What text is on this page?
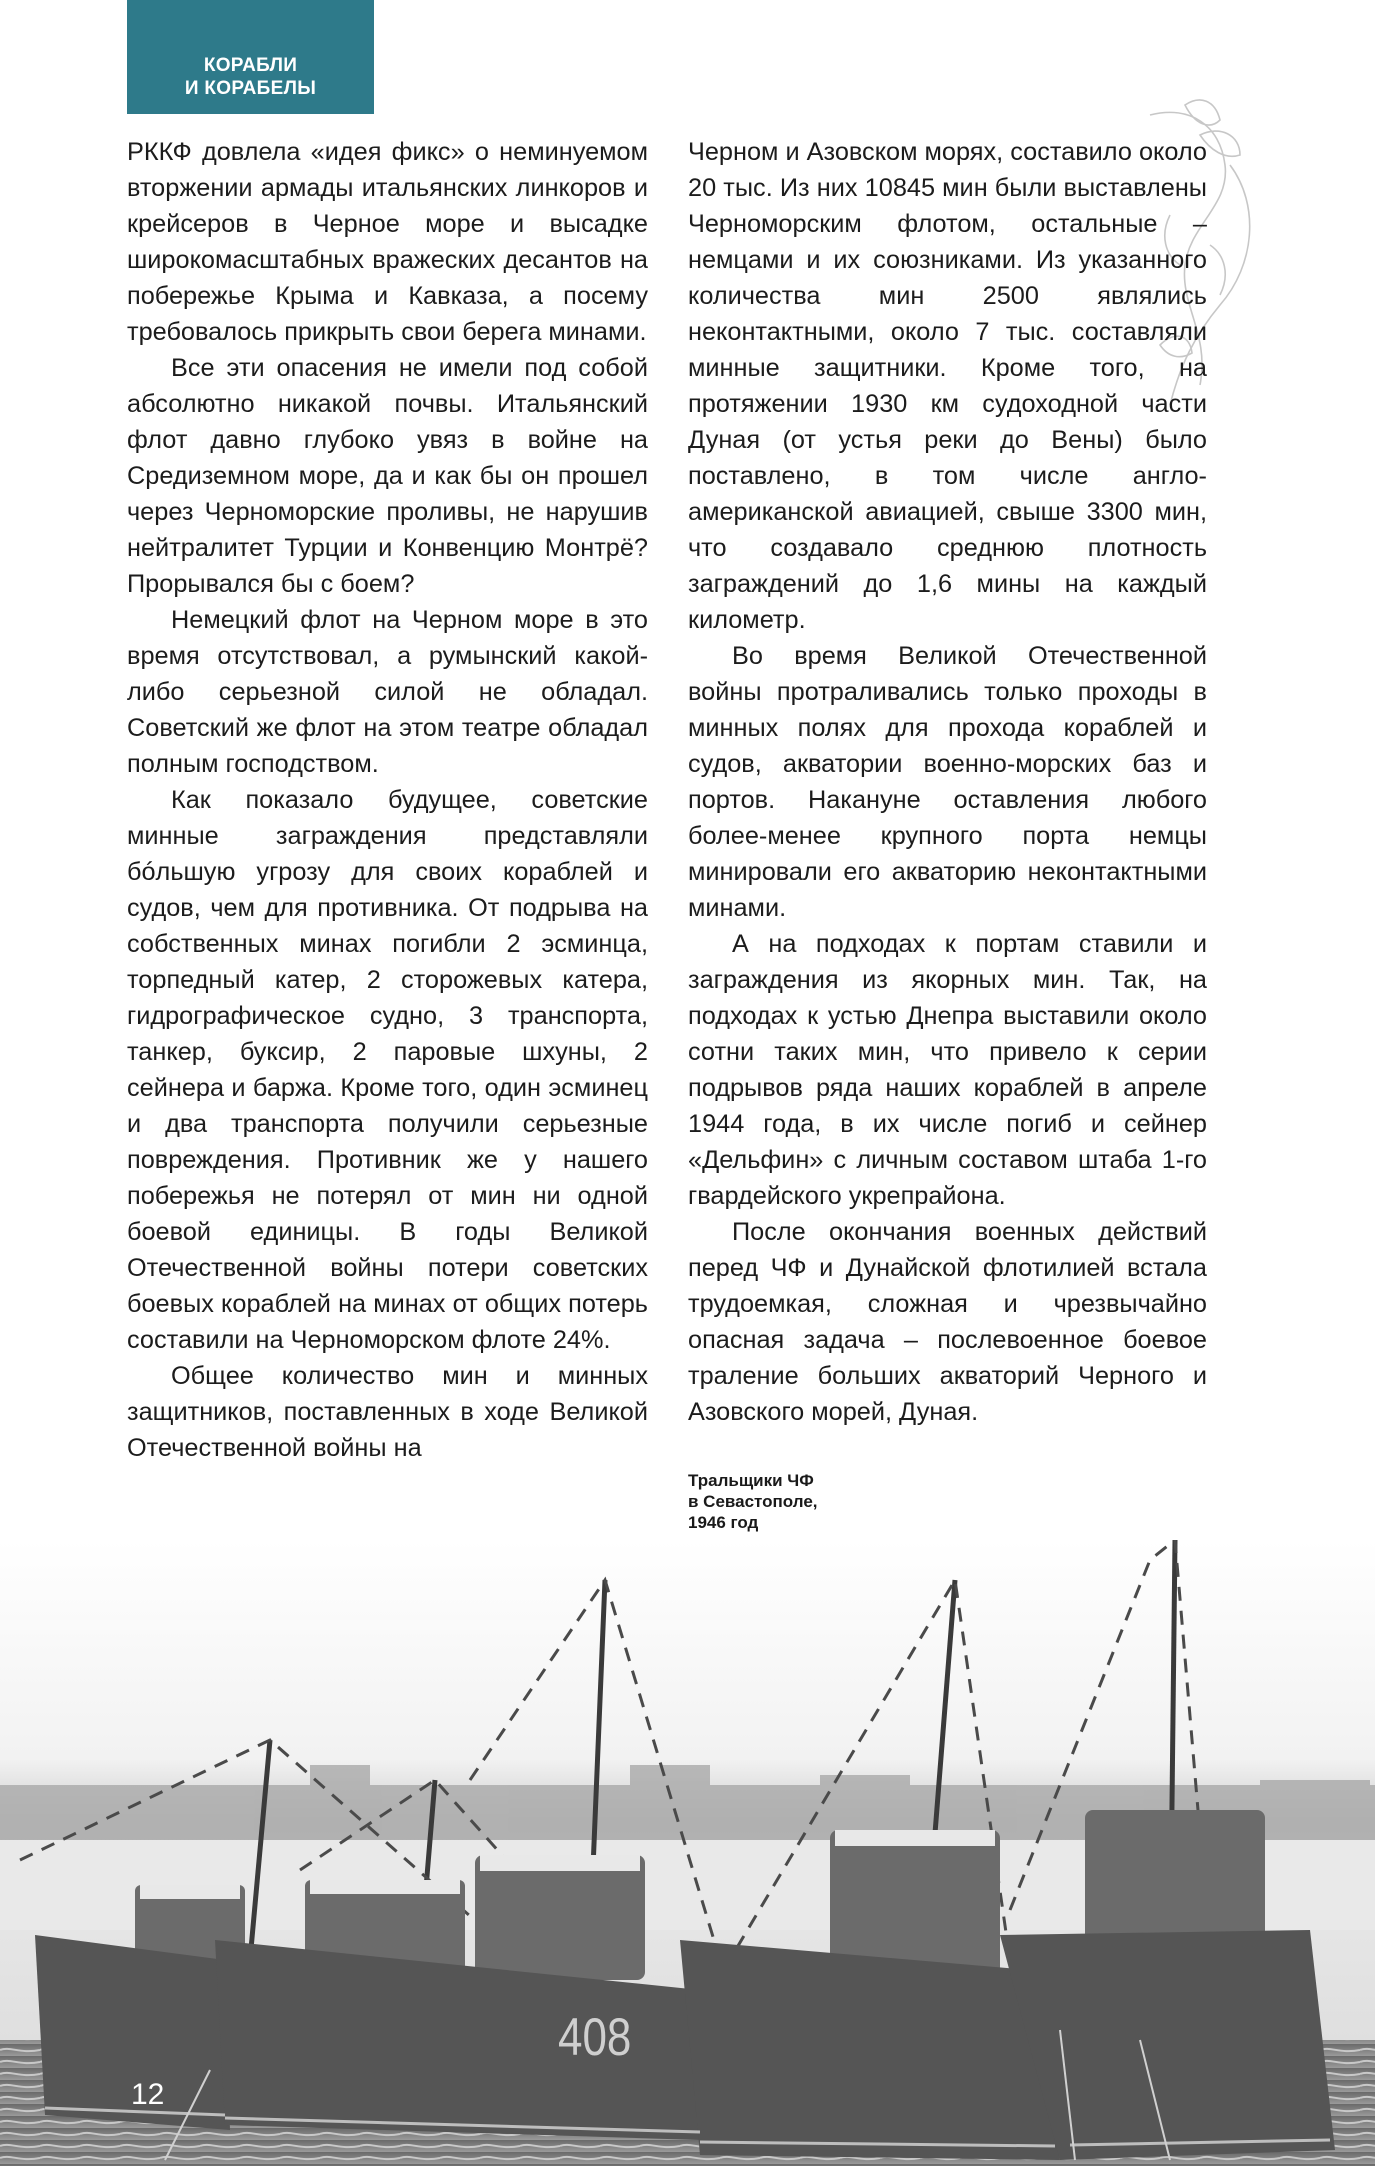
КОРАБЛИ
И КОРАБЕЛЫ

РККФ довлела «идея фикс» о неминуемом вторжении армады итальянских линкоров и крейсеров в Черное море и высадке широкомасштабных вражеских десантов на побережье Крыма и Кавказа, а посему требовалось прикрыть свои берега минами.

Все эти опасения не имели под собой абсолютно никакой почвы. Итальянский флот давно глубоко увяз в войне на Средиземном море, да и как бы он прошел через Черноморские проливы, не нарушив нейтралитет Турции и Конвенцию Монтрё? Прорывался бы с боем?

Немецкий флот на Черном море в это время отсутствовал, а румынский какой-либо серьезной силой не обладал. Советский же флот на этом театре обладал полным господством.

Как показало будущее, советские минные заграждения представляли бóльшую угрозу для своих кораблей и судов, чем для противника. От подрыва на собственных минах погибли 2 эсминца, торпедный катер, 2 сторожевых катера, гидрографическое судно, 3 транспорта, танкер, буксир, 2 паровые шхуны, 2 сейнера и баржа. Кроме того, один эсминец и два транспорта получили серьезные повреждения. Противник же у нашего побережья не потерял от мин ни одной боевой единицы. В годы Великой Отечественной войны потери советских боевых кораблей на минах от общих потерь составили на Черноморском флоте 24%.

Общее количество мин и минных защитников, поставленных в ходе Великой Отечественной войны на

Черном и Азовском морях, составило около 20 тыс. Из них 10845 мин были выставлены Черноморским флотом, остальные – немцами и их союзниками. Из указанного количества мин 2500 являлись неконтактными, около 7 тыс. составляли минные защитники. Кроме того, на протяжении 1930 км судоходной части Дуная (от устья реки до Вены) было поставлено, в том числе англо-американской авиацией, свыше 3300 мин, что создавало среднюю плотность заграждений до 1,6 мины на каждый километр.

Во время Великой Отечественной войны протраливались только проходы в минных полях для прохода кораблей и судов, акватории военно-морских баз и портов. Накануне оставления любого более-менее крупного порта немцы минировали его акваторию неконтактными минами.

А на подходах к портам ставили и заграждения из якорных мин. Так, на подходах к устью Днепра выставили около сотни таких мин, что привело к серии подрывов ряда наших кораблей в апреле 1944 года, в их числе погиб и сейнер «Дельфин» с личным составом штаба 1-го гвардейского укрепрайона.

После окончания военных действий перед ЧФ и Дунайской флотилией встала трудоемкая, сложная и чрезвычайно опасная задача – послевоенное боевое траление больших акваторий Черного и Азовского морей, Дуная.

Тральщики ЧФ
в Севастополе,
1946 год
408
12
